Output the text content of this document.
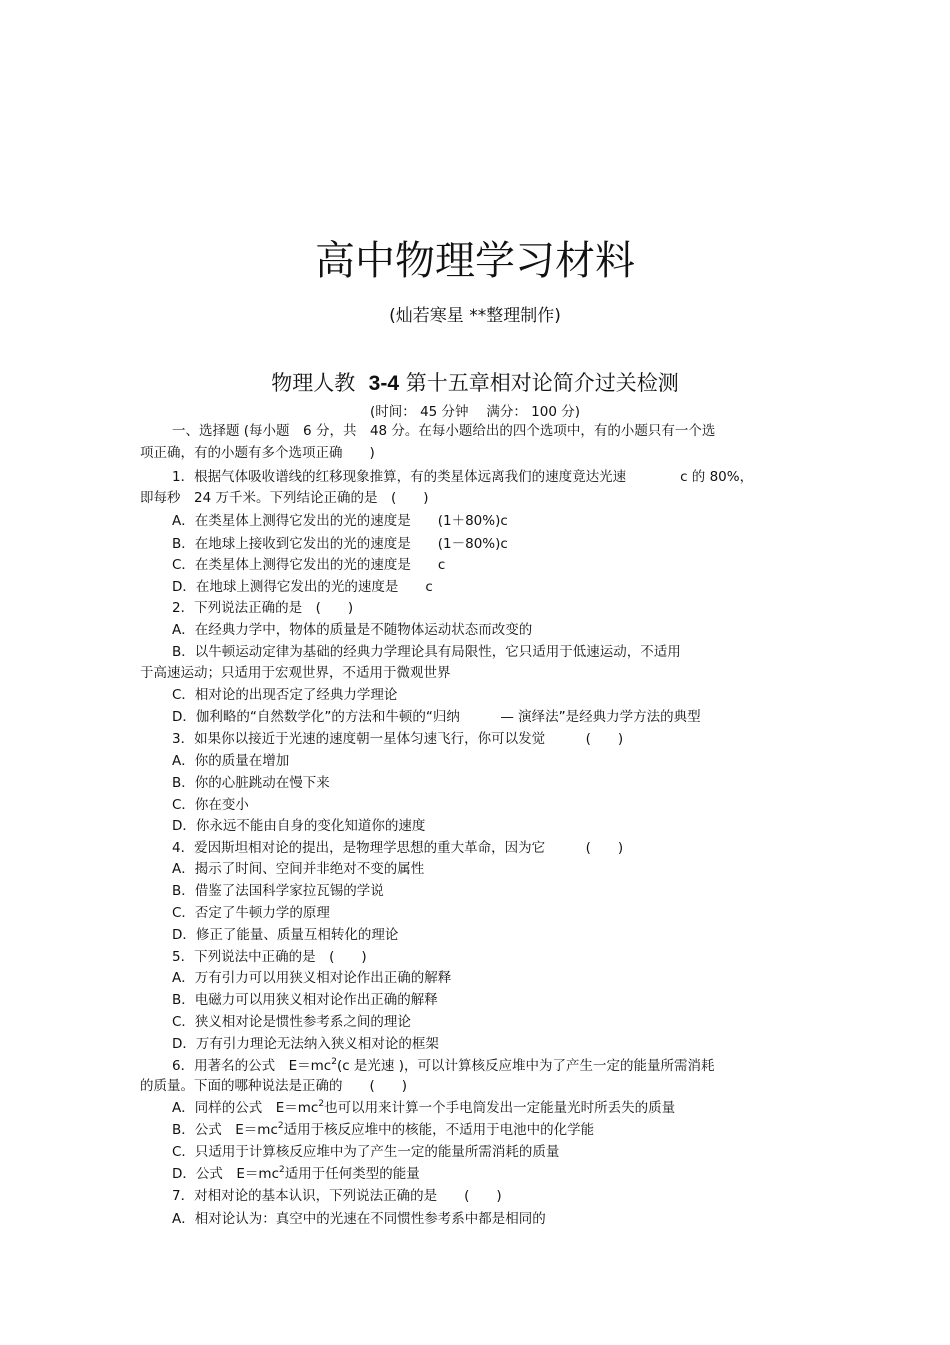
高中物理学习材料
(灿若寒星 **整理制作)
物理人教 3-4 第十五章相对论简介过关检测
(时间： 45 分钟　 满分： 100 分)
一、选择题 (每小题　6 分，共　48 分。在每小题给出的四个选项中，有的小题只有一个选
项正确，有的小题有多个选项正确　　)
1．根据气体吸收谱线的红移现象推算，有的类星体远离我们的速度竟达光速　　　　c 的 80%，
即每秒　24 万千米。下列结论正确的是　(　　)
A．在类星体上测得它发出的光的速度是　　(1＋80%)c
B．在地球上接收到它发出的光的速度是　　(1－80%)c
C．在类星体上测得它发出的光的速度是　　c
D．在地球上测得它发出的光的速度是　　c
2．下列说法正确的是　(　　)
A．在经典力学中，物体的质量是不随物体运动状态而改变的
B．以牛顿运动定律为基础的经典力学理论具有局限性，它只适用于低速运动，不适用
于高速运动；只适用于宏观世界，不适用于微观世界
C．相对论的出现否定了经典力学理论
D．伽利略的“自然数学化”的方法和牛顿的“归纳　　　— 演绎法”是经典力学方法的典型
3．如果你以接近于光速的速度朝一星体匀速飞行，你可以发觉　　　(　　)
A．你的质量在增加
B．你的心脏跳动在慢下来
C．你在变小
D．你永远不能由自身的变化知道你的速度
4．爱因斯坦相对论的提出，是物理学思想的重大革命，因为它　　　(　　)
A．揭示了时间、空间并非绝对不变的属性
B．借鉴了法国科学家拉瓦锡的学说
C．否定了牛顿力学的原理
D．修正了能量、质量互相转化的理论
5．下列说法中正确的是　(　　)
A．万有引力可以用狭义相对论作出正确的解释
B．电磁力可以用狭义相对论作出正确的解释
C．狭义相对论是惯性参考系之间的理论
D．万有引力理论无法纳入狭义相对论的框架
6．用著名的公式　$E=mc^2(c$ 是光速 )，可以计算核反应堆中为了产生一定的能量所需消耗
的质量。下面的哪种说法是正确的　　(　　)
A．同样的公式　$E=mc^2$也可以用来计算一个手电筒发出一定能量光时所丢失的质量
B．公式　$E=mc^2$适用于核反应堆中的核能，不适用于电池中的化学能
C．只适用于计算核反应堆中为了产生一定的能量所需消耗的质量
D．公式　$E=mc^2$适用于任何类型的能量
7．对相对论的基本认识，下列说法正确的是　　(　　)
A．相对论认为：真空中的光速在不同惯性参考系中都是相同的
